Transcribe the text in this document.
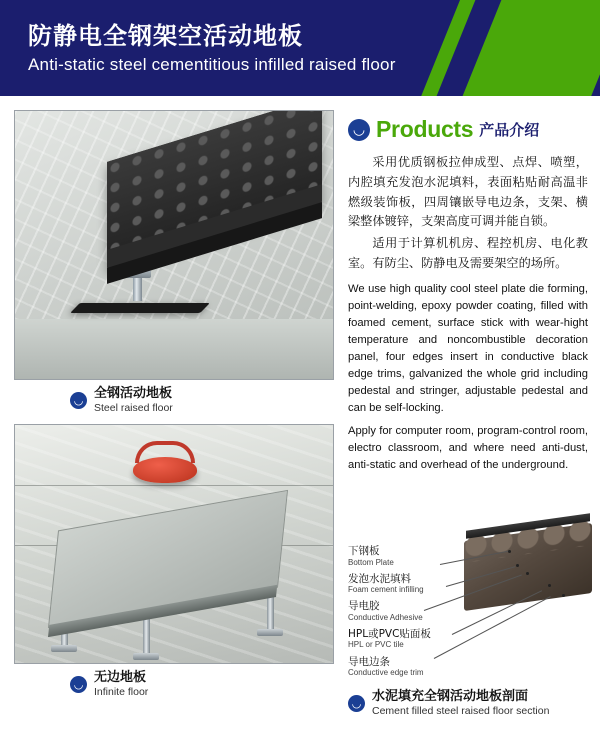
防静电全钢架空活动地板
Anti-static steel cementitious infilled raised floor
◡ 全钢活动地板
Steel raised floor
◡ 无边地板
Infinite floor
◡ Products 产品介绍

采用优质钢板拉伸成型、点焊、喷塑，内腔填充发泡水泥填料，表面粘贴耐高温非燃级装饰板，四周镶嵌导电边条，支架、横梁整体镀锌，支架高度可调并能自锁。

适用于计算机机房、程控机房、电化教室。有防尘、防静电及需要架空的场所。

We use high quality cool steel plate die forming, point-welding, epoxy powder coating, filled with foamed cement, surface stick with wear-hight temperature and noncombustible decoration panel, four edges insert in conductive black edge trims, galvanized the whole grid including pedestal and stringer, adjustable pedestal and can be self-locking.

Apply for computer room, program-control room, electro classroom, and where need anti-dust, anti-static and overhead of the underground.

下钢板
Bottom Plate
发泡水泥填料
Foam cement infilling
导电胶
Conductive Adhesive
HPL或PVC贴面板
HPL or PVC tile
导电边条
Conductive edge trim
◡ 水泥填充全钢活动地板剖面
Cement filled steel raised floor section
